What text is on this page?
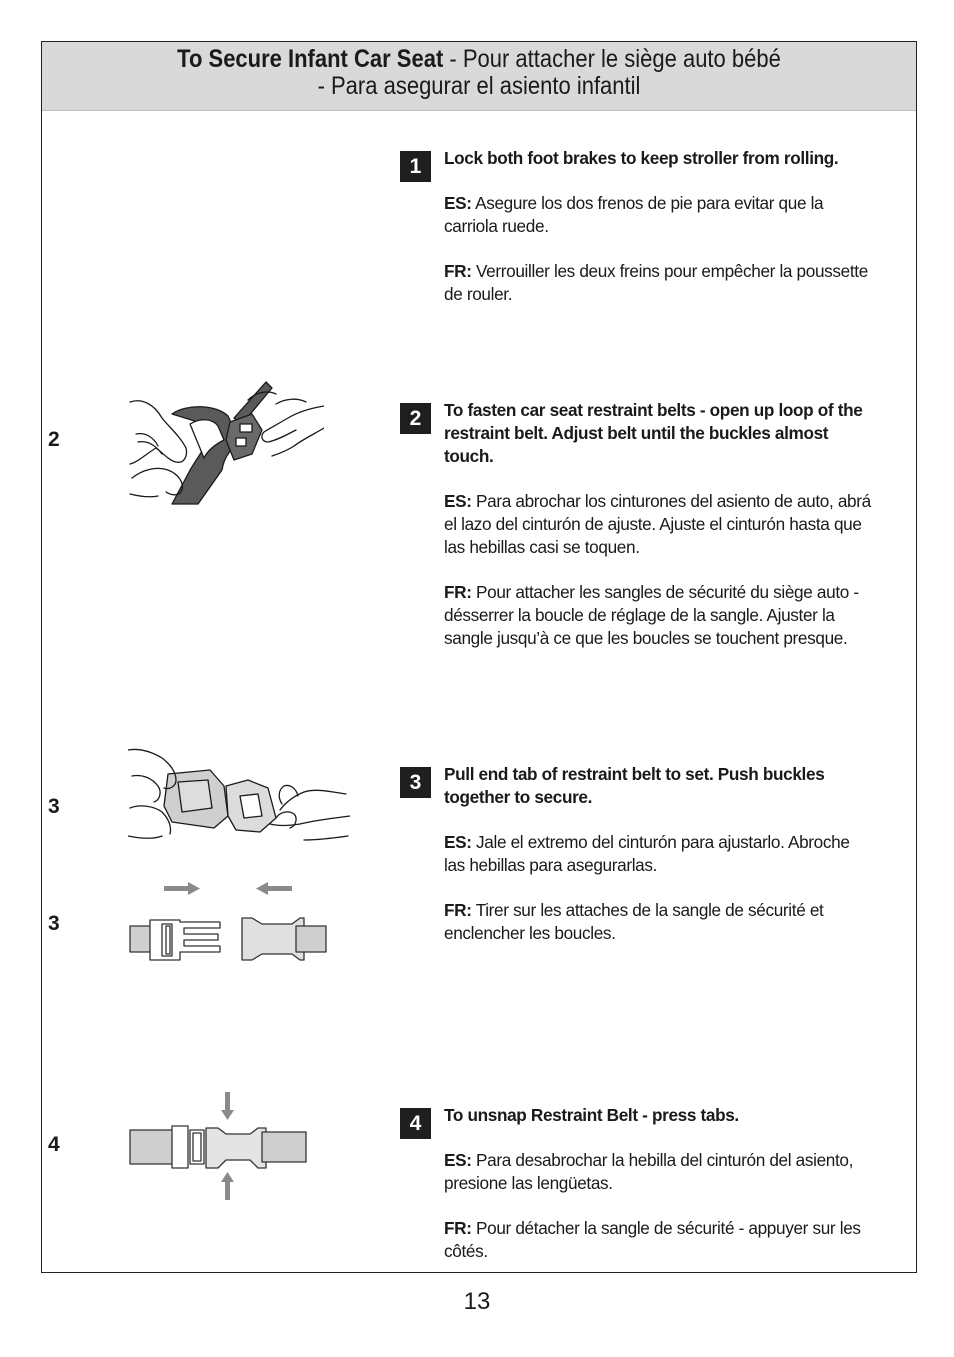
To Secure Infant Car Seat - Pour attacher le siège auto bébé
- Para asegurar el asiento infantil
1	Lock both foot brakes to keep stroller from rolling.

ES: Asegure los dos frenos de pie para evitar que la carriola ruede.

FR: Verrouiller les deux freins pour empêcher la poussette de rouler.

2	To fasten car seat restraint belts - open up loop of the restraint belt. Adjust belt until the buckles almost touch.

ES: Para abrochar los cinturones del asiento de auto, abrá el lazo del cinturón de ajuste. Ajuste el cinturón hasta que las hebillas casi se toquen.

FR: Pour attacher les sangles de sécurité du siège auto - désserrer la boucle de réglage de la sangle. Ajuster la sangle jusqu’à ce que les boucles se touchent presque.

3	Pull end tab of restraint belt to set. Push buckles together to secure.

ES: Jale el extremo del cinturón para ajustarlo. Abroche las hebillas para asegurarlas.

FR: Tirer sur les attaches de la sangle de sécurité et enclencher les boucles.

4	To unsnap Restraint Belt - press tabs.

ES: Para desabrochar la hebilla del cinturón del asiento, presione las lengüetas.

FR: Pour détacher la sangle de sécurité - appuyer sur les côtés.

2
3
3
4
13
